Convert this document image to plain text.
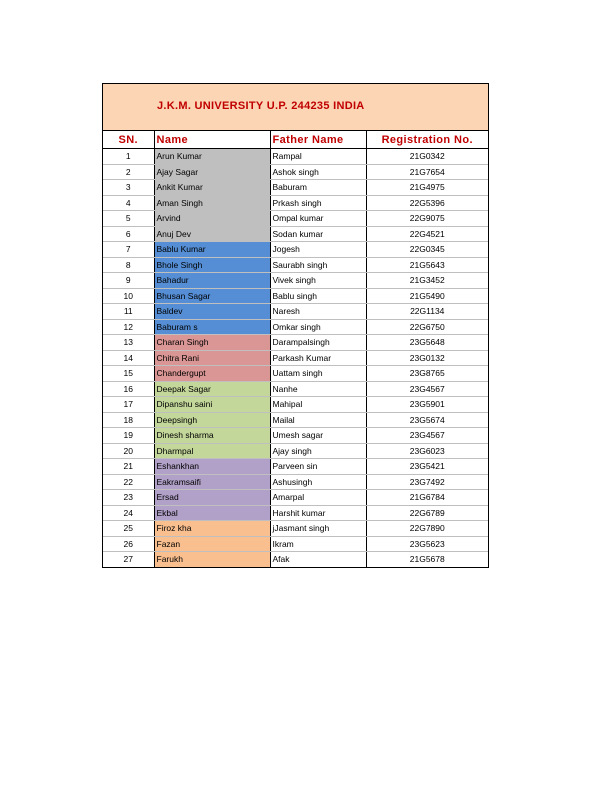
J.K.M. UNIVERSITY U.P. 244235 INDIA
SN.	Name	Father Name	Registration No.
1	Arun Kumar	Rampal	21G0342
2	Ajay Sagar	Ashok singh	21G7654
3	Ankit Kumar	Baburam	21G4975
4	Aman Singh	Prkash singh	22G5396
5	Arvind	Ompal kumar	22G9075
6	Anuj Dev	Sodan kumar	22G4521
7	Bablu Kumar	Jogesh	22G0345
8	Bhole Singh	Saurabh singh	21G5643
9	Bahadur	Vivek singh	21G3452
10	Bhusan Sagar	Bablu singh	21G5490
11	Baldev	Naresh	22G1134
12	Baburam s	Omkar singh	22G6750
13	Charan Singh	Darampalsingh	23G5648
14	Chitra Rani	Parkash Kumar	23G0132
15	Chandergupt	Uattam singh	23G8765
16	Deepak Sagar	Nanhe	23G4567
17	Dipanshu saini	Mahipal	23G5901
18	Deepsingh	Mailal	23G5674
19	Dinesh sharma	Umesh sagar	23G4567
20	Dharmpal	Ajay singh	23G6023
21	Eshankhan	Parveen sin	23G5421
22	Eakramsaifi	Ashusingh	23G7492
23	Ersad	Amarpal	21G6784
24	Ekbal	Harshit kumar	22G6789
25	Firoz kha	jJasmant singh	22G7890
26	Fazan	Ikram	23G5623
27	Farukh	Afak	21G5678
